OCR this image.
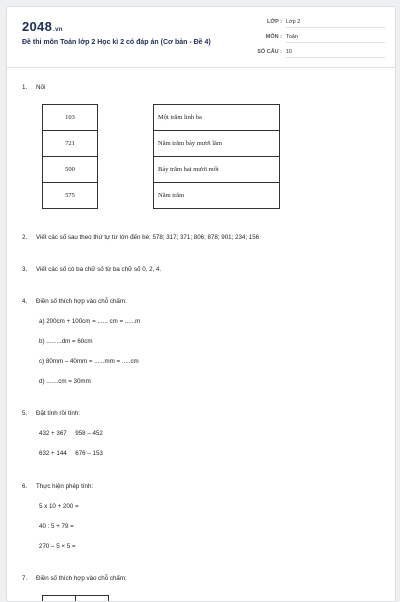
2048.vn
Đề thi môn Toán lớp 2 Học kì 2 có đáp án (Cơ bản - Đề 4)
LỚP : Lớp 2
MÔN : Toán
SỐ CÂU : 10
1. Nối
103
721
500
575
Một trăm linh ba
Năm trăm bảy mươi lăm
Bảy trăm hai mươi mốt
Năm trăm
2. Viết các số sau theo thứ tự từ lớn đến bé: 578; 317; 371; 806; 878; 901; 234; 156
3. Viết các số có ba chữ số từ ba chữ số 0, 2, 4.
4. Điền số thích hợp vào chỗ chấm:
a) 200cm + 100cm = ...... cm = ......m
b) .........dm = 60cm
c) 80mm – 40mm = ......mm = .....cm
d) .......cm = 30mm
5. Đặt tính rồi tính:
432 + 367     958 – 452
632 + 144     676 – 153
6. Thực hiện phép tính:
5 x 10 + 200 =
40 : 5 + 79 =
270 – 5 × 5 =
7. Điền số thích hợp vào chỗ chấm:
